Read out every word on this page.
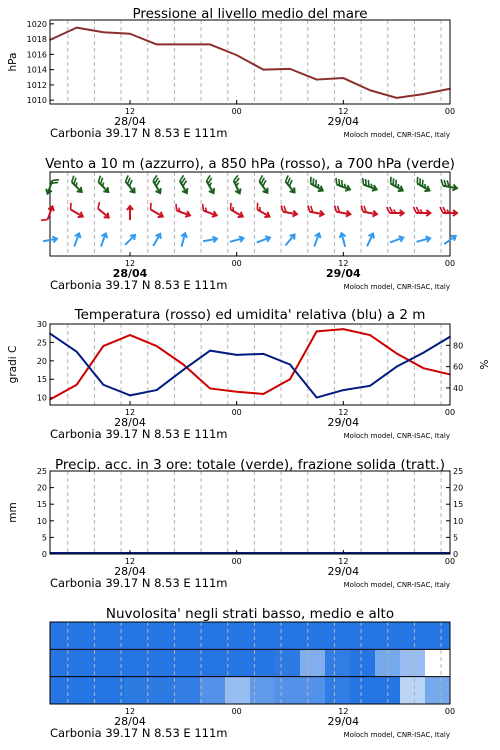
Pressione al livello medio del mare
1010
1012
1014
1016
1018
1020
hPa
12	00	12	00
28/04	29/04
Carbonia 39.17 N 8.53 E 111m	Moloch model, CNR-ISAC, Italy
Vento a 10 m (azzurro), a 850 hPa (rosso), a 700 hPa (verde)
12	00	12	00
28/04	29/04
Carbonia 39.17 N 8.53 E 111m	Moloch model, CNR-ISAC, Italy
Temperatura (rosso) ed umidita' relativa (blu) a 2 m
10
15
20
25
30
40
60
80
gradi C	%
12	00	12	00
28/04	29/04
Carbonia 39.17 N 8.53 E 111m	Moloch model, CNR-ISAC, Italy
Precip. acc. in 3 ore: totale (verde), frazione solida (tratt.)
0
5
10
15
20
25
0
5
10
15
20
25
mm
12	00	12	00
28/04	29/04
Carbonia 39.17 N 8.53 E 111m	Moloch model, CNR-ISAC, Italy
Nuvolosita' negli strati basso, medio e alto
12	00	12	00
28/04	29/04
Carbonia 39.17 N 8.53 E 111m	Moloch model, CNR-ISAC, Italy
